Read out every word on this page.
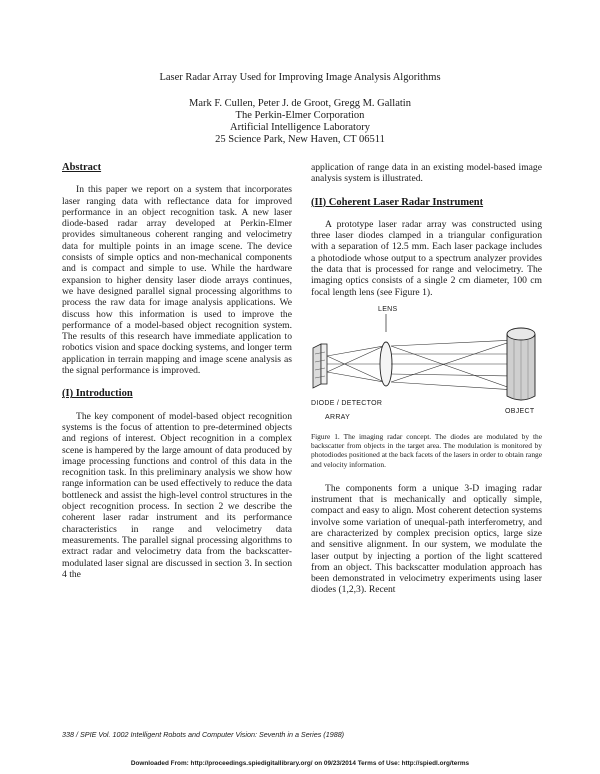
Laser Radar Array Used for Improving Image Analysis Algorithms
Mark F. Cullen, Peter J. de Groot, Gregg M. Gallatin
The Perkin-Elmer Corporation
Artificial Intelligence Laboratory
25 Science Park, New Haven, CT 06511
Abstract

In this paper we report on a system that incorporates laser ranging data with reflectance data for improved performance in an object recognition task. A new laser diode-based radar array developed at Perkin-Elmer provides simultaneous coherent ranging and velocimetry data for multiple points in an image scene. The device consists of simple optics and non-mechanical components and is compact and simple to use. While the hardware expansion to higher density laser diode arrays continues, we have designed parallel signal processing algorithms to process the raw data for image analysis applications. We discuss how this information is used to improve the performance of a model-based object recognition system. The results of this research have immediate application to robotics vision and space docking systems, and longer term application in terrain mapping and image scene analysis as the signal performance is improved.

(I) Introduction

The key component of model-based object recognition systems is the focus of attention to pre-determined objects and regions of interest. Object recognition in a complex scene is hampered by the large amount of data produced by image processing functions and control of this data in the recognition task. In this preliminary analysis we show how range information can be used effectively to reduce the data bottleneck and assist the high-level control structures in the object recognition process. In section 2 we describe the coherent laser radar instrument and its performance characteristics in range and velocimetry data measurements. The parallel signal processing algorithms to extract radar and velocimetry data from the backscatter-modulated laser signal are discussed in section 3. In section 4 the

application of range data in an existing model-based image analysis system is illustrated.

(II) Coherent Laser Radar Instrument

A prototype laser radar array was constructed using three laser diodes clamped in a triangular configuration with a separation of 12.5 mm. Each laser package includes a photodiode whose output to a spectrum analyzer provides the data that is processed for range and velocimetry. The imaging optics consists of a single 2 cm diameter, 100 cm focal length lens (see Figure 1).

LENS
DIODE / DETECTOR
ARRAY
OBJECT

Figure 1. The imaging radar concept. The diodes are modulated by the backscatter from objects in the target area. The modulation is monitored by photodiodes positioned at the back facets of the lasers in order to obtain range and velocity information.

The components form a unique 3-D imaging radar instrument that is mechanically and optically simple, compact and easy to align. Most coherent detection systems involve some variation of unequal-path interferometry, and are characterized by complex precision optics, large size and sensitive alignment. In our system, we modulate the laser output by injecting a portion of the light scattered from an object. This backscatter modulation approach has been demonstrated in velocimetry experiments using laser diodes (1,2,3). Recent

338 / SPIE Vol. 1002 Intelligent Robots and Computer Vision: Seventh in a Series (1988)
Downloaded From: http://proceedings.spiedigitallibrary.org/ on 09/23/2014 Terms of Use: http://spiedl.org/terms
